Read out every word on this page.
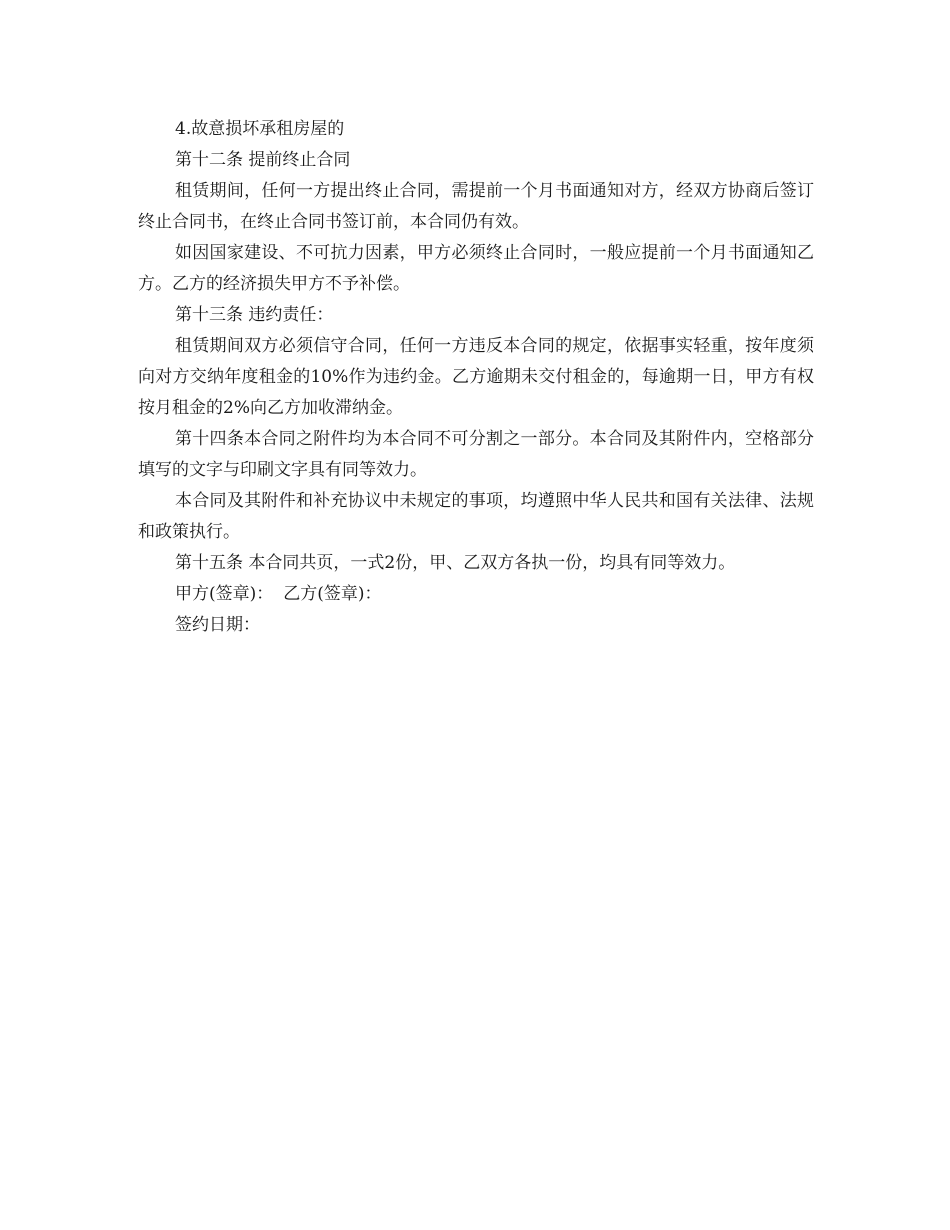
4.故意损坏承租房屋的

第十二条 提前终止合同

租赁期间，任何一方提出终止合同，需提前一个月书面通知对方，经双方协商后签订终止合同书，在终止合同书签订前，本合同仍有效。

如因国家建设、不可抗力因素，甲方必须终止合同时，一般应提前一个月书面通知乙方。乙方的经济损失甲方不予补偿。

第十三条 违约责任：

租赁期间双方必须信守合同，任何一方违反本合同的规定，依据事实轻重，按年度须向对方交纳年度租金的10%作为违约金。乙方逾期未交付租金的，每逾期一日，甲方有权按月租金的2%向乙方加收滞纳金。

第十四条本合同之附件均为本合同不可分割之一部分。本合同及其附件内，空格部分填写的文字与印刷文字具有同等效力。

本合同及其附件和补充协议中未规定的事项，均遵照中华人民共和国有关法律、法规和政策执行。

第十五条 本合同共页，一式2份，甲、乙双方各执一份，均具有同等效力。

甲方(签章)： 乙方(签章)：

签约日期：
